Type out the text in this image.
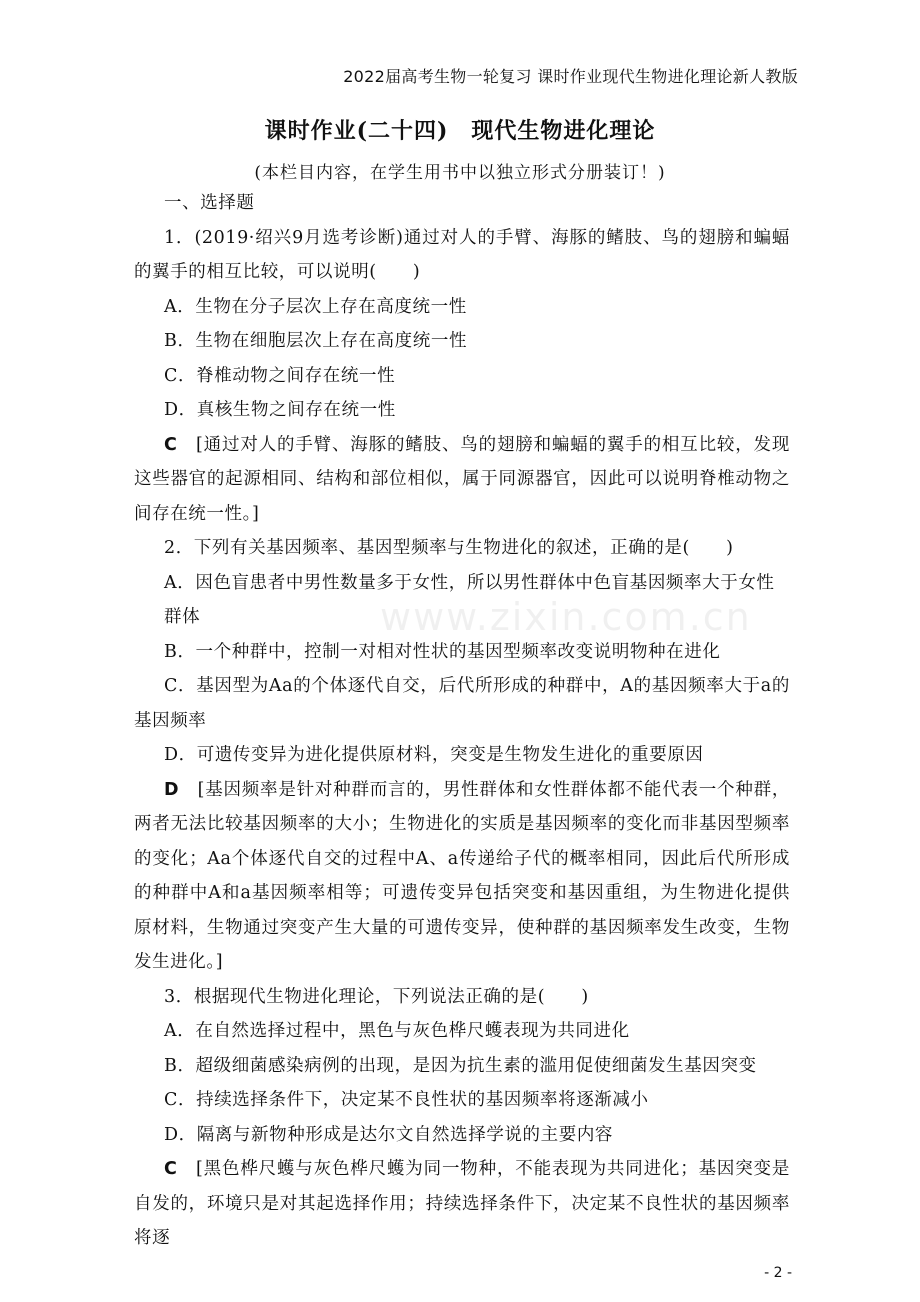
2022届高考生物一轮复习 课时作业现代生物进化理论新人教版
课时作业(二十四)　现代生物进化理论
(本栏目内容，在学生用书中以独立形式分册装订！)
www.zixin.com.cn
一、选择题
1．(2019·绍兴9月选考诊断)通过对人的手臂、海豚的鳍肢、鸟的翅膀和蝙蝠的翼手的相互比较，可以说明(　　)
A．生物在分子层次上存在高度统一性
B．生物在细胞层次上存在高度统一性
C．脊椎动物之间存在统一性
D．真核生物之间存在统一性
C　[通过对人的手臂、海豚的鳍肢、鸟的翅膀和蝙蝠的翼手的相互比较，发现这些器官的起源相同、结构和部位相似，属于同源器官，因此可以说明脊椎动物之间存在统一性。]
2．下列有关基因频率、基因型频率与生物进化的叙述，正确的是(　　)
A．因色盲患者中男性数量多于女性，所以男性群体中色盲基因频率大于女性群体
B．一个种群中，控制一对相对性状的基因型频率改变说明物种在进化
C．基因型为Aa的个体逐代自交，后代所形成的种群中，A的基因频率大于a的基因频率
D．可遗传变异为进化提供原材料，突变是生物发生进化的重要原因
D　[基因频率是针对种群而言的，男性群体和女性群体都不能代表一个种群，两者无法比较基因频率的大小；生物进化的实质是基因频率的变化而非基因型频率的变化；Aa个体逐代自交的过程中A、a传递给子代的概率相同，因此后代所形成的种群中A和a基因频率相等；可遗传变异包括突变和基因重组，为生物进化提供原材料，生物通过突变产生大量的可遗传变异，使种群的基因频率发生改变，生物发生进化。]
3．根据现代生物进化理论，下列说法正确的是(　　)
A．在自然选择过程中，黑色与灰色桦尺蠖表现为共同进化
B．超级细菌感染病例的出现，是因为抗生素的滥用促使细菌发生基因突变
C．持续选择条件下，决定某不良性状的基因频率将逐渐减小
D．隔离与新物种形成是达尔文自然选择学说的主要内容
C　[黑色桦尺蠖与灰色桦尺蠖为同一物种，不能表现为共同进化；基因突变是自发的，环境只是对其起选择作用；持续选择条件下，决定某不良性状的基因频率将逐
- 2 -
